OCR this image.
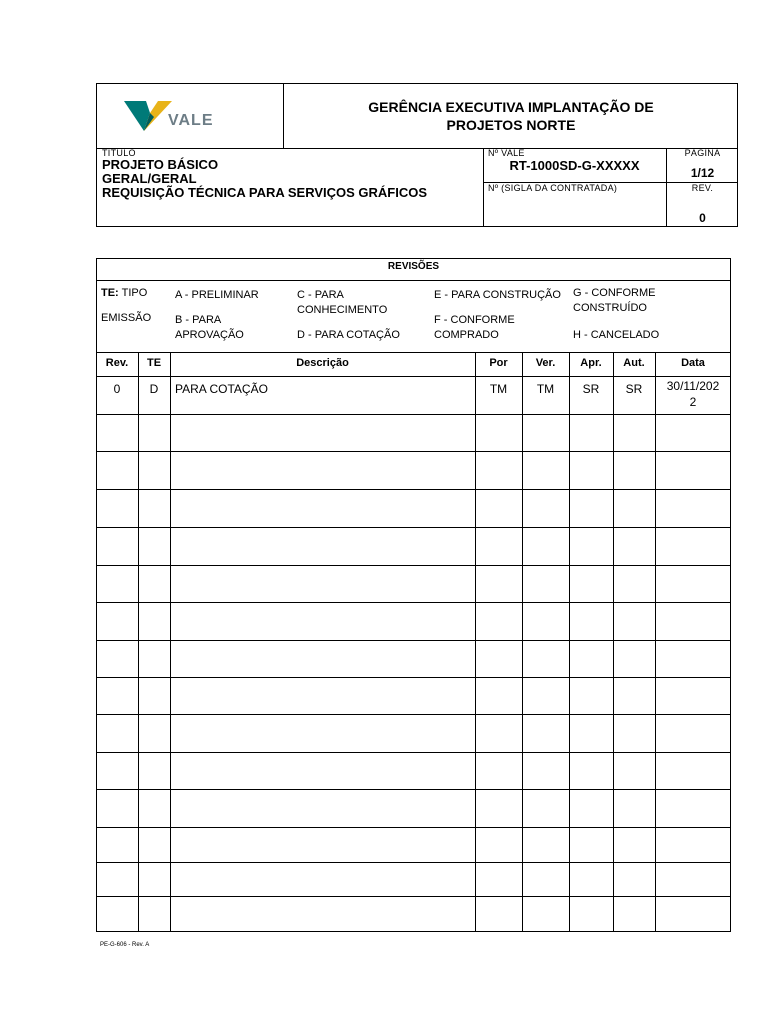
VALE
GERÊNCIA EXECUTIVA IMPLANTAÇÃO DE
PROJETOS NORTE
TÍTULO
PROJETO BÁSICO
GERAL/GERAL
REQUISIÇÃO TÉCNICA PARA SERVIÇOS GRÁFICOS
Nº VALE
RT-1000SD-G-XXXXX
Nº (SIGLA DA CONTRATADA)
PÁGINA
1/12
REV.
0
REVISÕES
TE: TIPO
EMISSÃO
A - PRELIMINAR
B - PARA
APROVAÇÃO
C - PARA
CONHECIMENTO
D - PARA COTAÇÃO
E - PARA CONSTRUÇÃO
F - CONFORME
COMPRADO
G - CONFORME
CONSTRUÍDO
H - CANCELADO
Rev.	TE	Descrição	Por	Ver.	Apr.	Aut.	Data
0	D	PARA COTAÇÃO	TM	TM	SR	SR	30/11/202
2
PE-G-606 - Rev. A
